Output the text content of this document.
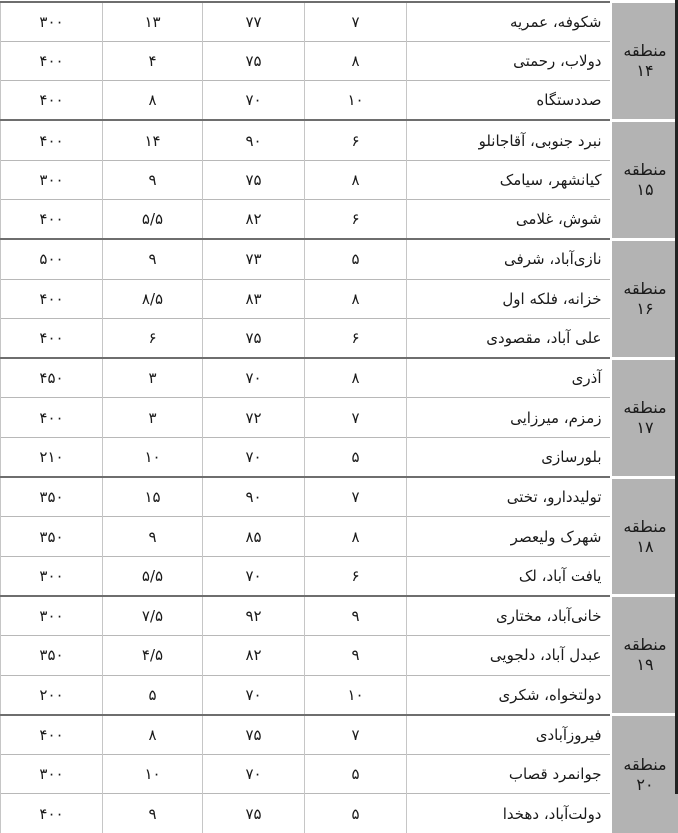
منطقه
۱۴	شکوفه، عمریه	۷	۷۷	۱۳	۳۰۰
	دولاب، رحمتی	۸	۷۵	۴	۴۰۰
	صددستگاه	۱۰	۷۰	۸	۴۰۰

منطقه
۱۵	نبرد جنوبی، آقاجانلو	۶	۹۰	۱۴	۴۰۰
	کیانشهر، سیامک	۸	۷۵	۹	۳۰۰
	شوش، غلامی	۶	۸۲	۵/۵	۴۰۰

منطقه
۱۶	نازی‌آباد، شرفی	۵	۷۳	۹	۵۰۰
	خزانه، فلکه اول	۸	۸۳	۸/۵	۴۰۰
	علی آباد، مقصودی	۶	۷۵	۶	۴۰۰

منطقه
۱۷	آذری	۸	۷۰	۳	۴۵۰
	زمزم، میرزایی	۷	۷۲	۳	۴۰۰
	بلورسازی	۵	۷۰	۱۰	۲۱۰

منطقه
۱۸	تولیددارو، تختی	۷	۹۰	۱۵	۳۵۰
	شهرک ولیعصر	۸	۸۵	۹	۳۵۰
	یافت آباد، لک	۶	۷۰	۵/۵	۳۰۰

منطقه
۱۹	خانی‌آباد، مختاری	۹	۹۲	۷/۵	۳۰۰
	عبدل آباد، دلجویی	۹	۸۲	۴/۵	۳۵۰
	دولتخواه، شکری	۱۰	۷۰	۵	۲۰۰

منطقه
۲۰	فیروزآبادی	۷	۷۵	۸	۴۰۰
	جوانمرد قصاب	۵	۷۰	۱۰	۳۰۰
	دولت‌آباد، دهخدا	۵	۷۵	۹	۴۰۰
